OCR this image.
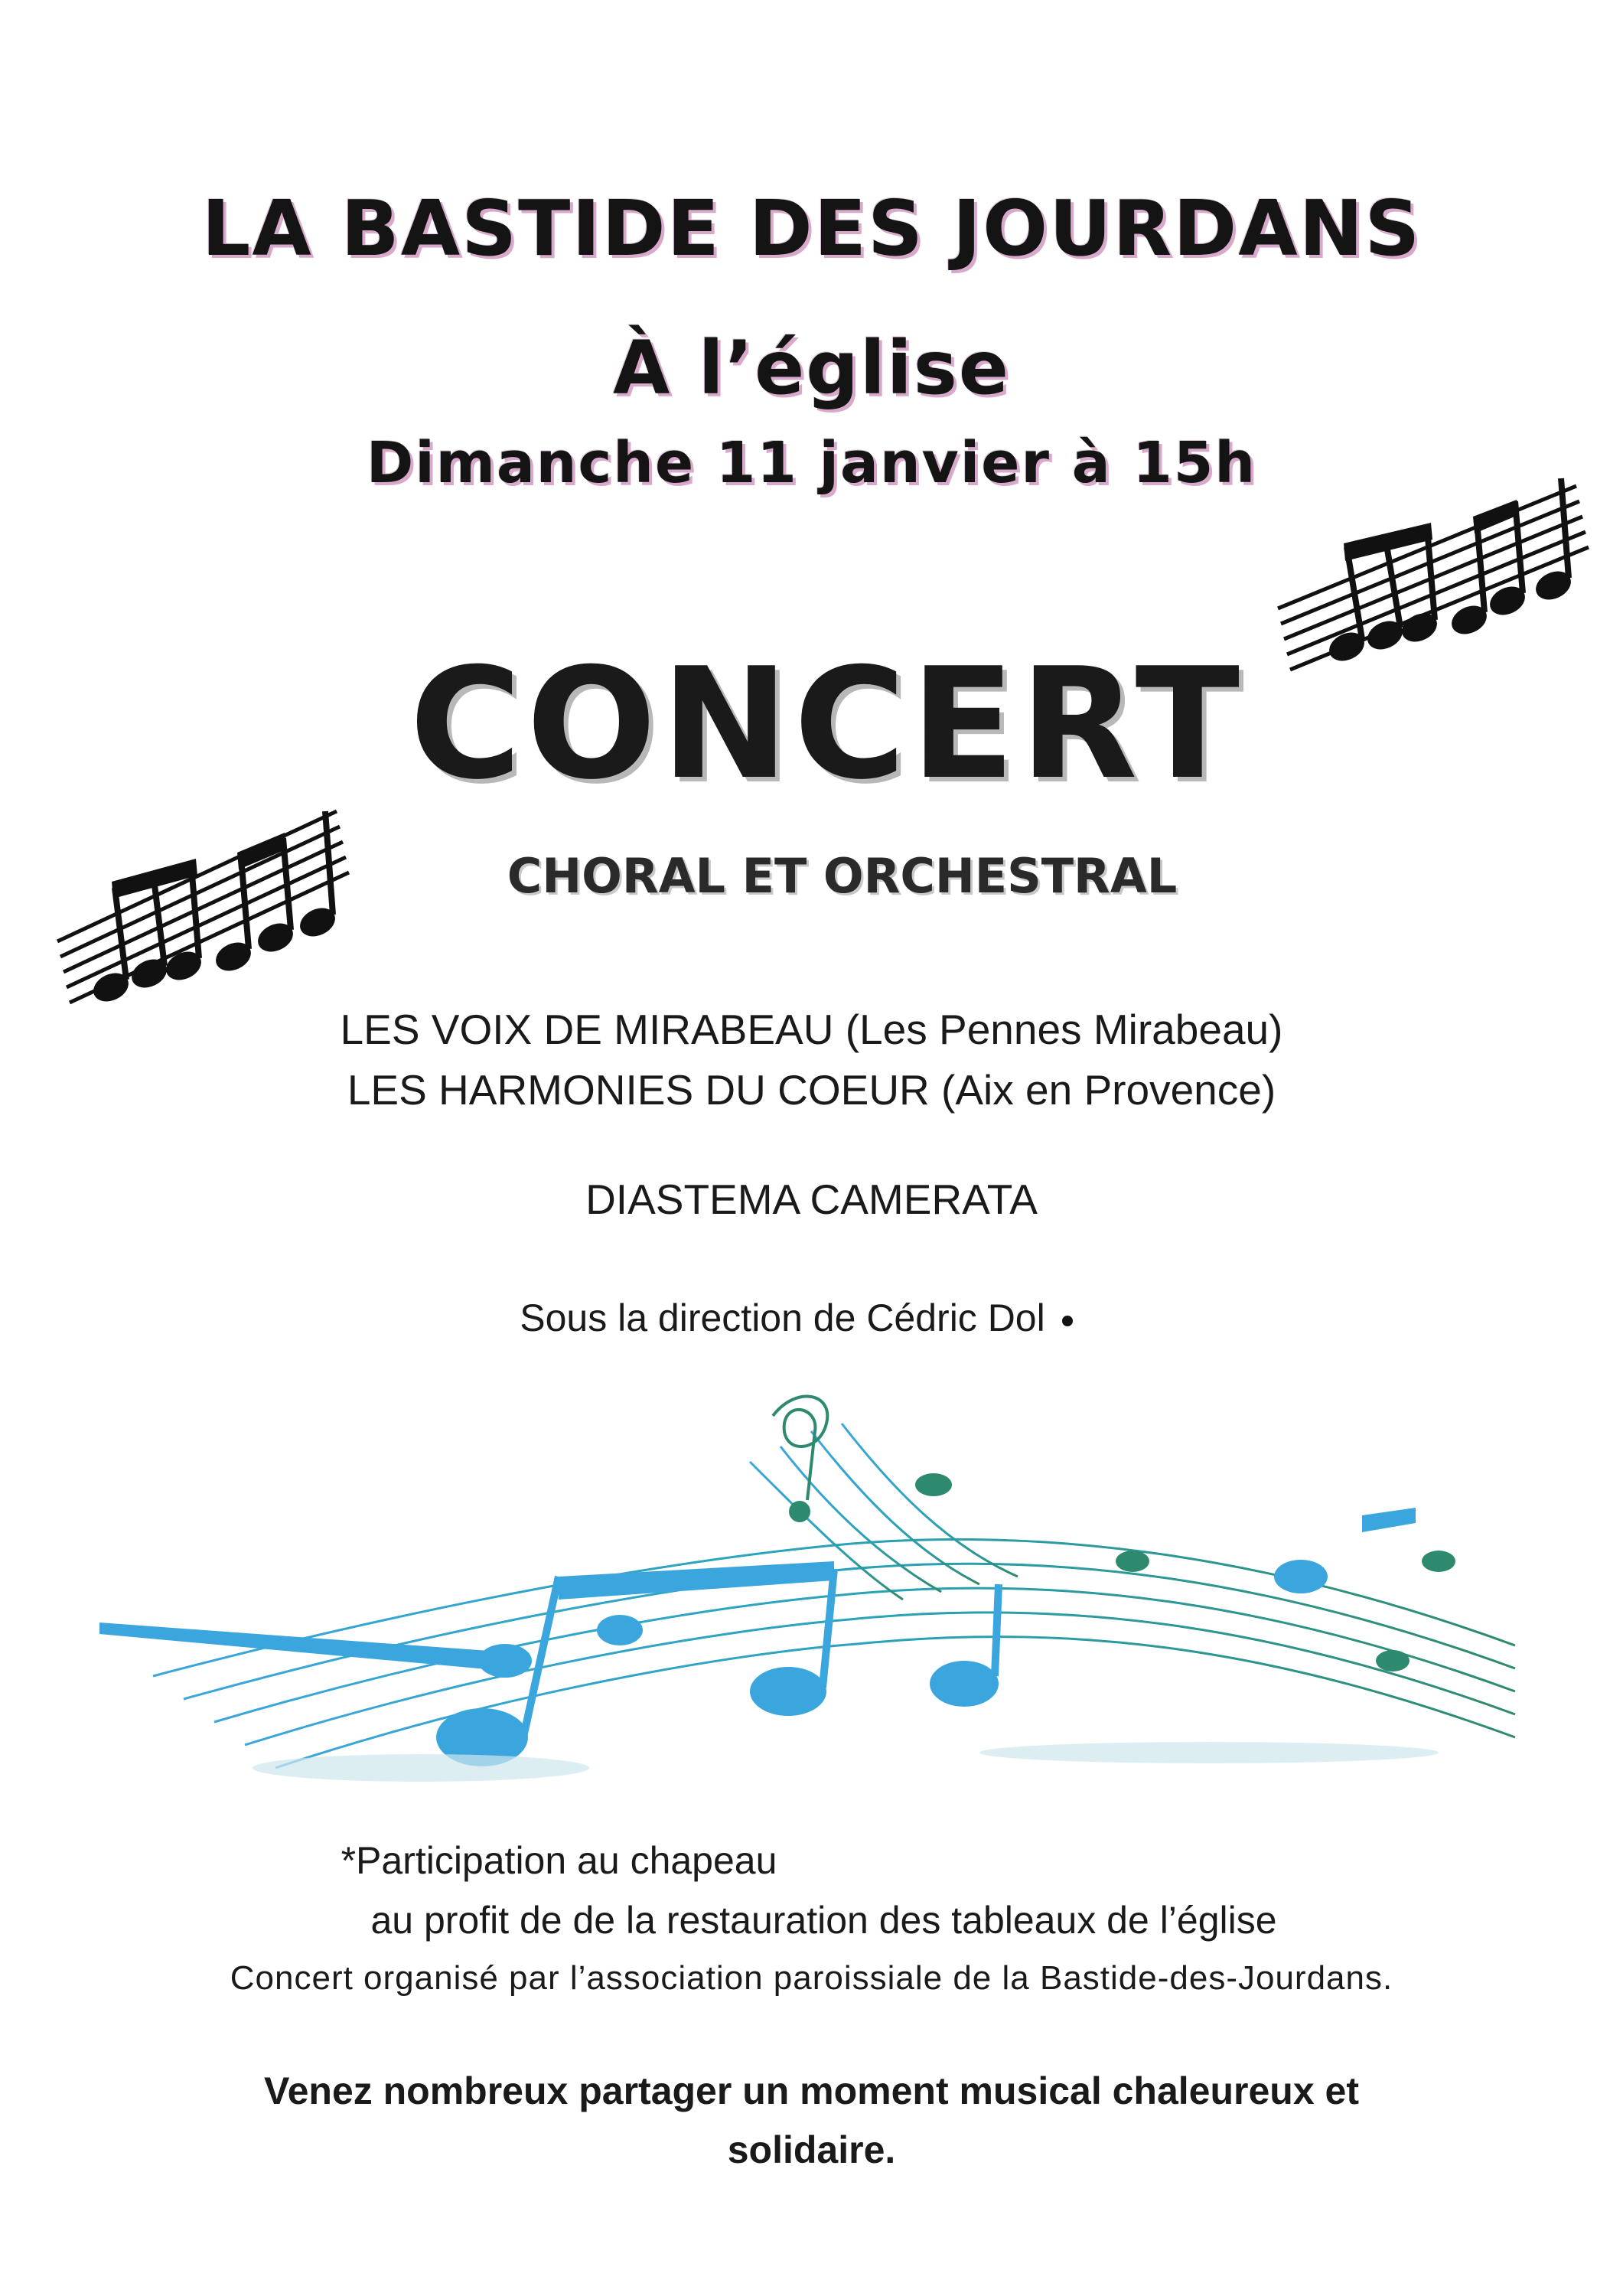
LA BASTIDE DES JOURDANS
À l’église
Dimanche 11 janvier à 15h
CONCERT
CHORAL ET ORCHESTRAL
LES VOIX DE MIRABEAU (Les Pennes Mirabeau)
LES HARMONIES DU COEUR (Aix en Provence)
DIASTEMA CAMERATA
Sous la direction de Cédric Dol
*Participation au chapeau
au profit de de la restauration des tableaux de l’église
Concert organisé par l’association paroissiale de la Bastide-des-Jourdans.
Venez nombreux partager un moment musical chaleureux et
solidaire.
